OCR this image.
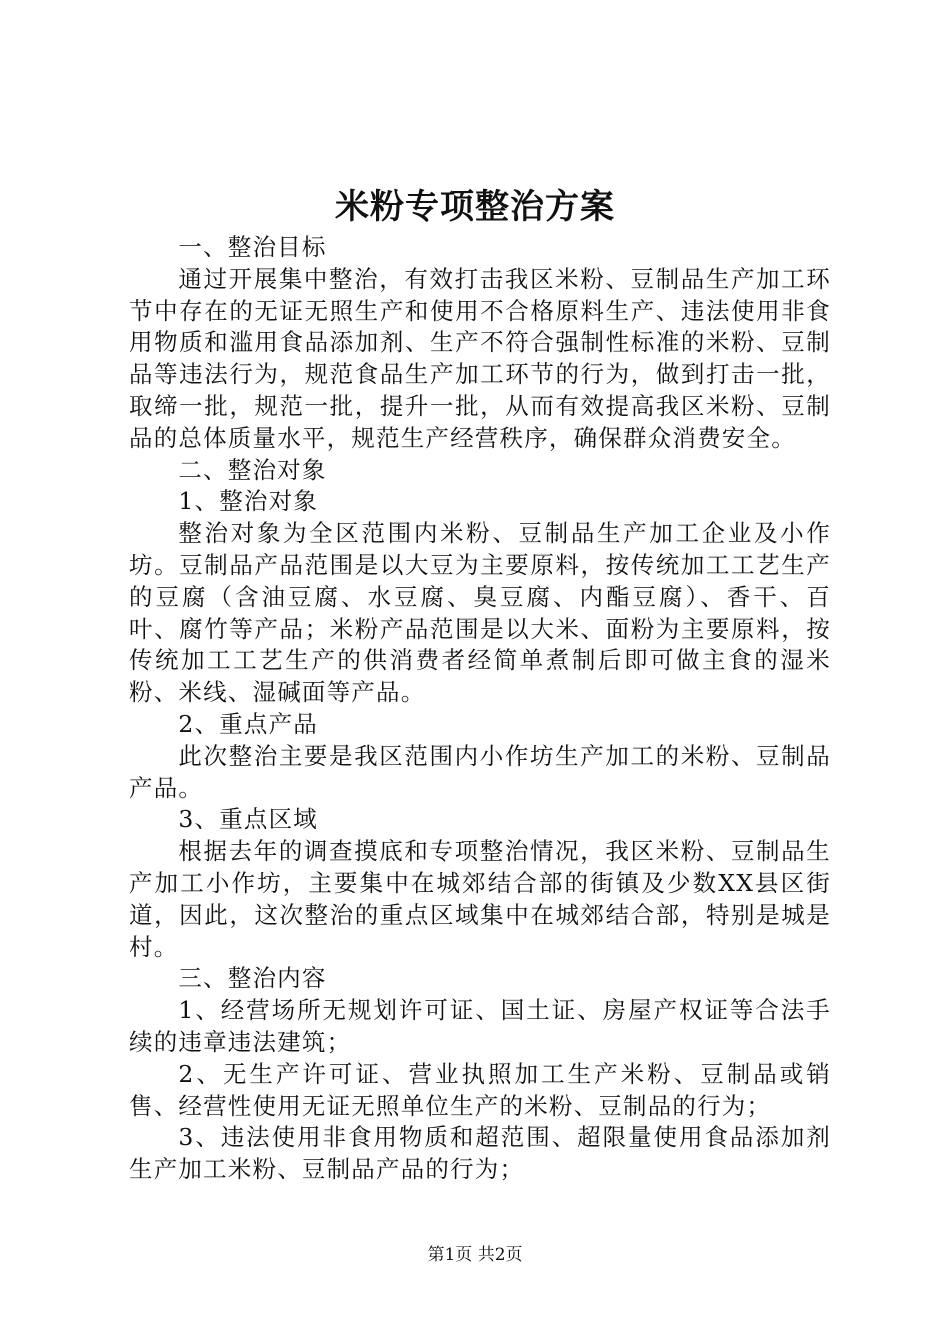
米粉专项整治方案

一、整治目标

通过开展集中整治，有效打击我区米粉、豆制品生产加工环节中存在的无证无照生产和使用不合格原料生产、违法使用非食用物质和滥用食品添加剂、生产不符合强制性标准的米粉、豆制品等违法行为，规范食品生产加工环节的行为，做到打击一批，取缔一批，规范一批，提升一批，从而有效提高我区米粉、豆制品的总体质量水平，规范生产经营秩序，确保群众消费安全。

二、整治对象

1、整治对象

整治对象为全区范围内米粉、豆制品生产加工企业及小作坊。豆制品产品范围是以大豆为主要原料，按传统加工工艺生产的豆腐（含油豆腐、水豆腐、臭豆腐、内酯豆腐）、香干、百叶、腐竹等产品；米粉产品范围是以大米、面粉为主要原料，按传统加工工艺生产的供消费者经简单煮制后即可做主食的湿米粉、米线、湿碱面等产品。

2、重点产品

此次整治主要是我区范围内小作坊生产加工的米粉、豆制品产品。

3、重点区域

根据去年的调查摸底和专项整治情况，我区米粉、豆制品生产加工小作坊，主要集中在城郊结合部的街镇及少数XX县区街道，因此，这次整治的重点区域集中在城郊结合部，特别是城是村。

三、整治内容

1、经营场所无规划许可证、国土证、房屋产权证等合法手续的违章违法建筑；

2、无生产许可证、营业执照加工生产米粉、豆制品或销售、经营性使用无证无照单位生产的米粉、豆制品的行为；

3、违法使用非食用物质和超范围、超限量使用食品添加剂生产加工米粉、豆制品产品的行为；

第1页 共2页
